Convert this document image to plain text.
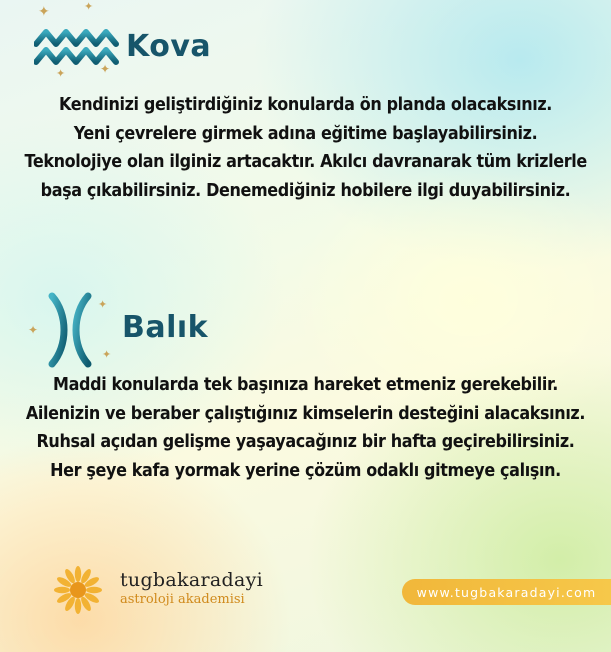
✦	✦
✦	✦
Kova
Kendinizi geliştirdiğiniz konularda ön planda olacaksınız.
Yeni çevrelere girmek adına eğitime başlayabilirsiniz.
Teknolojiye olan ilginiz artacaktır. Akılcı davranarak tüm krizlerle
başa çıkabilirsiniz. Denemediğiniz hobilere ilgi duyabilirsiniz.
✦
✦
✦
Balık
Maddi konularda tek başınıza hareket etmeniz gerekebilir.
Ailenizin ve beraber çalıştığınız kimselerin desteğini alacaksınız.
Ruhsal açıdan gelişme yaşayacağınız bir hafta geçirebilirsiniz.
Her şeye kafa yormak yerine çözüm odaklı gitmeye çalışın.
tugbakaradayi
astroloji akademisi	www.tugbakaradayi.com
